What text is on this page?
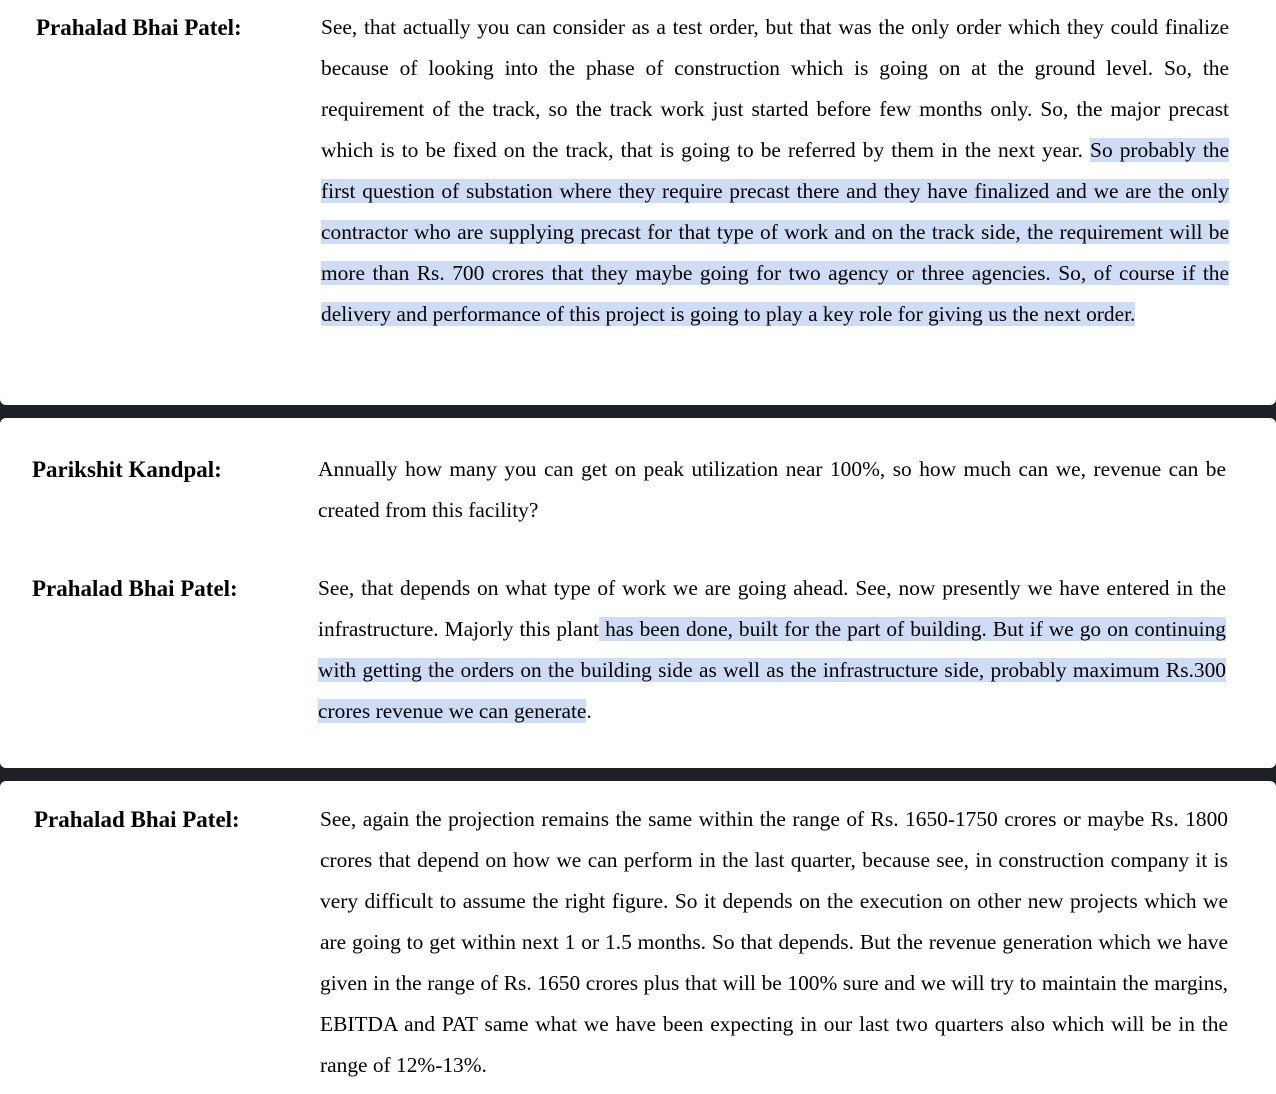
Prahalad Bhai Patel:	See, that actually you can consider as a test order, but that was the only order which they could finalize because of looking into the phase of construction which is going on at the ground level. So, the requirement of the track, so the track work just started before few months only. So, the major precast which is to be fixed on the track, that is going to be referred by them in the next year. So probably the first question of substation where they require precast there and they have finalized and we are the only contractor who are supplying precast for that type of work and on the track side, the requirement will be more than Rs. 700 crores that they maybe going for two agency or three agencies. So, of course if the delivery and performance of this project is going to play a key role for giving us the next order.
Parikshit Kandpal:	Annually how many you can get on peak utilization near 100%, so how much can we, revenue can be created from this facility?
Prahalad Bhai Patel:	See, that depends on what type of work we are going ahead. See, now presently we have entered in the infrastructure. Majorly this plant has been done, built for the part of building. But if we go on continuing with getting the orders on the building side as well as the infrastructure side, probably maximum Rs.300 crores revenue we can generate.
Prahalad Bhai Patel:	See, again the projection remains the same within the range of Rs. 1650-1750 crores or maybe Rs. 1800 crores that depend on how we can perform in the last quarter, because see, in construction company it is very difficult to assume the right figure. So it depends on the execution on other new projects which we are going to get within next 1 or 1.5 months. So that depends. But the revenue generation which we have given in the range of Rs. 1650 crores plus that will be 100% sure and we will try to maintain the margins, EBITDA and PAT same what we have been expecting in our last two quarters also which will be in the range of 12%-13%.
